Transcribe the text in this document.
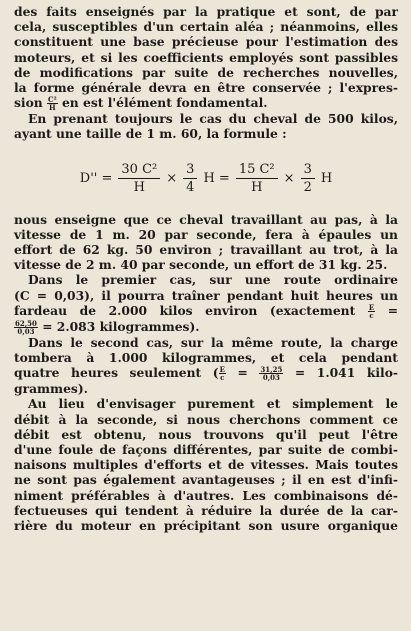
des faits enseignés par la pratique et sont, de par
cela, susceptibles d'un certain aléa ; néanmoins, elles
constituent une base précieuse pour l'estimation des
moteurs, et si les coefficients employés sont passibles
de modifications par suite de recherches nouvelles,
la forme générale devra en être conservée ; l'expres-
sion $\frac{\text{C²}}{H}$ en est l'élément fondamental.
En prenant toujours le cas du cheval de 500 kilos,
ayant une taille de 1 m. 60, la formule :
$D'' = \frac{\text{30 C²}}{H} \times \frac{3}{4}$ $H = \frac{\text{15 C²}}{H} \times \frac{3}{2}$ H
nous enseigne que ce cheval travaillant au pas, à la
vitesse de 1 m. 20 par seconde, fera à épaules un
effort de 62 kg. 50 environ ; travaillant au trot, à la
vitesse de 2 m. 40 par seconde, un effort de 31 kg. 25.
Dans le premier cas, sur une route ordinaire
(C = 0,03), il pourra traîner pendant huit heures un
fardeau de 2.000 kilos environ (exactement $\frac{E}{c}$ =
$\frac{62,50}{0,03} = 2.083$ kilogrammes).
Dans le second cas, sur la même route, la charge
tombera à 1.000 kilogrammes, et cela pendant
quatre heures seulement ( $\frac{E}{c} = \frac{31,25}{0,03} = 1.041$ kilo-
grammes).
Au lieu d'envisager purement et simplement le
débit à la seconde, si nous cherchons comment ce
débit est obtenu, nous trouvons qu'il peut l'être
d'une foule de façons différentes, par suite de combi-
naisons multiples d'efforts et de vitesses. Mais toutes
ne sont pas également avantageuses ; il en est d'infi-
niment préférables à d'autres. Les combinaisons dé-
fectueuses qui tendent à réduire la durée de la car-
rière du moteur en précipitant son usure organique
